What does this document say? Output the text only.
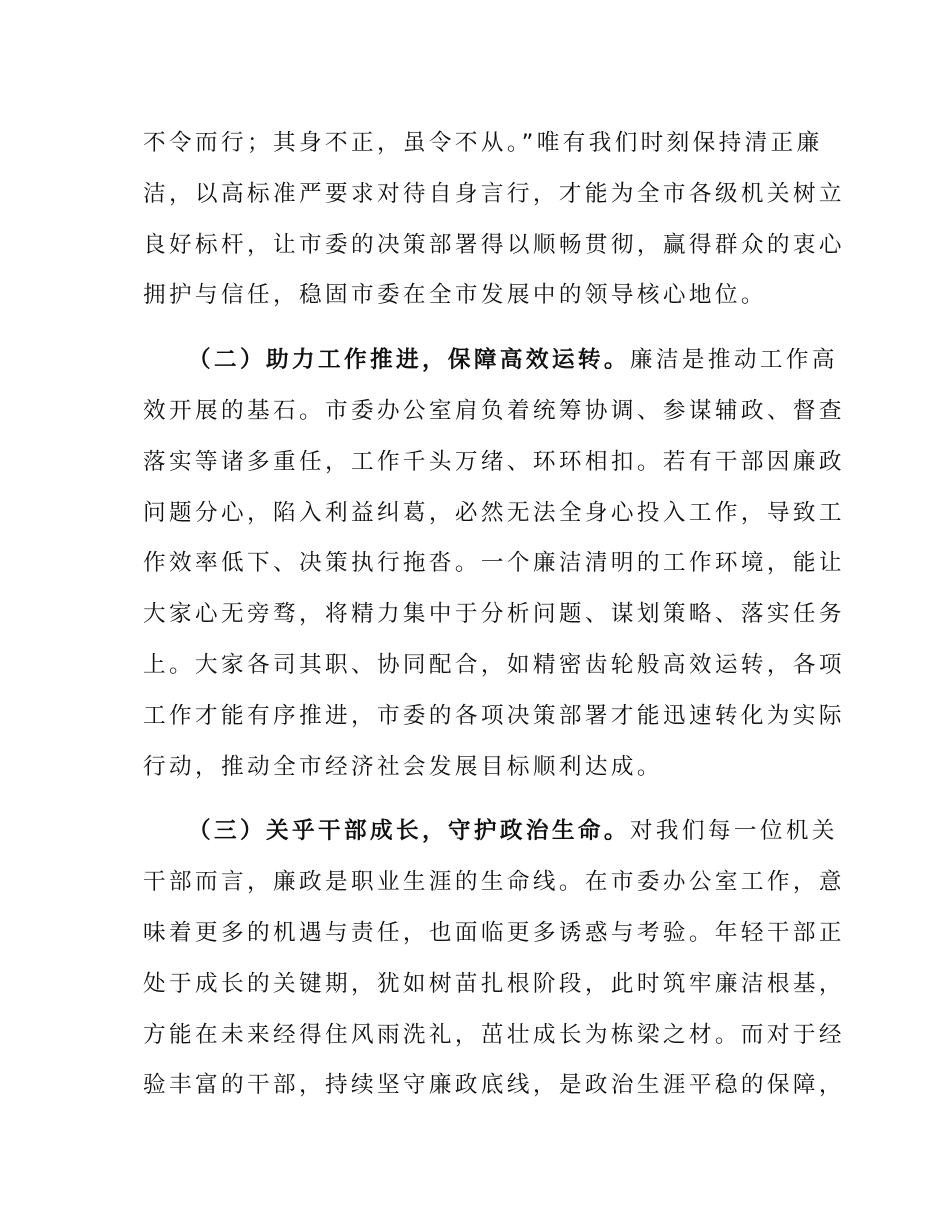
不令而行；其身不正，虽令不从。”唯有我们时刻保持清正廉
洁，以高标准严要求对待自身言行，才能为全市各级机关树立
良好标杆，让市委的决策部署得以顺畅贯彻，赢得群众的衷心
拥护与信任，稳固市委在全市发展中的领导核心地位。
（二）助力工作推进，保障高效运转。廉洁是推动工作高
效开展的基石。市委办公室肩负着统筹协调、参谋辅政、督查
落实等诸多重任，工作千头万绪、环环相扣。若有干部因廉政
问题分心，陷入利益纠葛，必然无法全身心投入工作，导致工
作效率低下、决策执行拖沓。一个廉洁清明的工作环境，能让
大家心无旁骛，将精力集中于分析问题、谋划策略、落实任务
上。大家各司其职、协同配合，如精密齿轮般高效运转，各项
工作才能有序推进，市委的各项决策部署才能迅速转化为实际
行动，推动全市经济社会发展目标顺利达成。
（三）关乎干部成长，守护政治生命。对我们每一位机关
干部而言，廉政是职业生涯的生命线。在市委办公室工作，意
味着更多的机遇与责任，也面临更多诱惑与考验。年轻干部正
处于成长的关键期，犹如树苗扎根阶段，此时筑牢廉洁根基，
方能在未来经得住风雨洗礼，茁壮成长为栋梁之材。而对于经
验丰富的干部，持续坚守廉政底线，是政治生涯平稳的保障，
